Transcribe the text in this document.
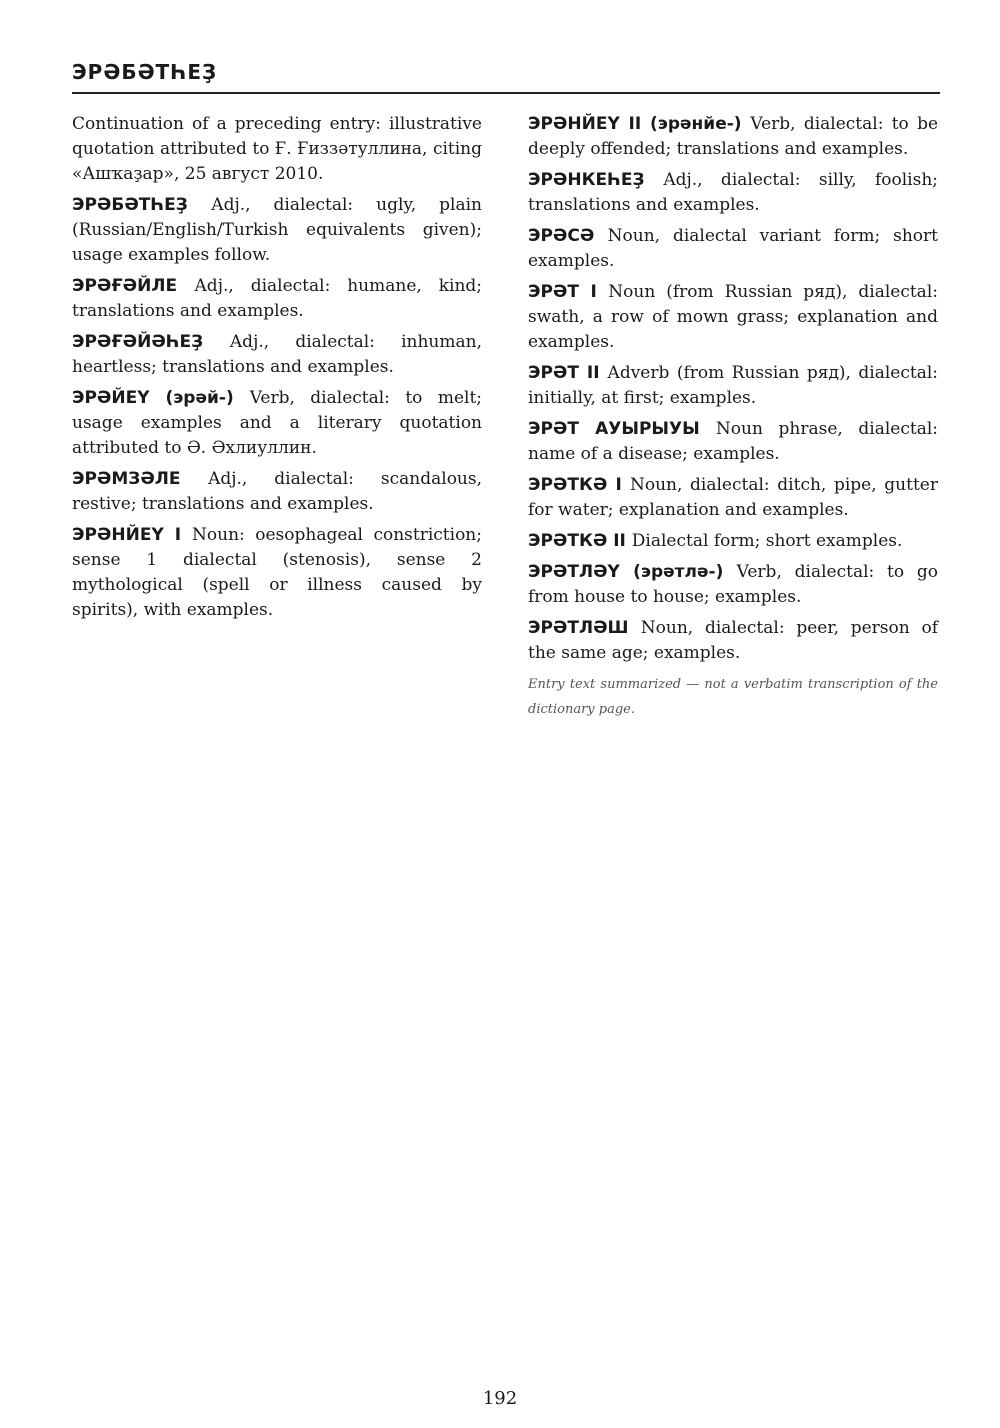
ЭРӘБӘТҺЕҘ
Continuation of a preceding entry: illustrative quotation attributed to Ғ. Ғиззәтуллина, citing «Ашҡаҙар», 25 август 2010.
ЭРӘБӘТҺЕҘ Adj., dialectal: ugly, plain (Russian/English/Turkish equivalents given); usage examples follow.
ЭРӘҒӘЙЛЕ Adj., dialectal: humane, kind; translations and examples.
ЭРӘҒӘЙӘҺЕҘ Adj., dialectal: inhuman, heartless; translations and examples.
ЭРӘЙЕҮ (эрәй-) Verb, dialectal: to melt; usage examples and a literary quotation attributed to Ә. Әхлиуллин.
ЭРӘМЗӘЛЕ Adj., dialectal: scandalous, restive; translations and examples.
ЭРӘНЙЕҮ I Noun: oesophageal constriction; sense 1 dialectal (stenosis), sense 2 mythological (spell or illness caused by spirits), with examples.
ЭРӘНЙЕҮ II (эрәнйе-) Verb, dialectal: to be deeply offended; translations and examples.
ЭРӘНКЕҺЕҘ Adj., dialectal: silly, foolish; translations and examples.
ЭРӘСӘ Noun, dialectal variant form; short examples.
ЭРӘТ I Noun (from Russian ряд), dialectal: swath, a row of mown grass; explanation and examples.
ЭРӘТ II Adverb (from Russian ряд), dialectal: initially, at first; examples.
ЭРӘТ АУЫРЫУЫ Noun phrase, dialectal: name of a disease; examples.
ЭРӘТКӘ I Noun, dialectal: ditch, pipe, gutter for water; explanation and examples.
ЭРӘТКӘ II Dialectal form; short examples.
ЭРӘТЛӘҮ (эрәтлә-) Verb, dialectal: to go from house to house; examples.
ЭРӘТЛӘШ Noun, dialectal: peer, person of the same age; examples.
Entry text summarized — not a verbatim transcription of the dictionary page.
192
